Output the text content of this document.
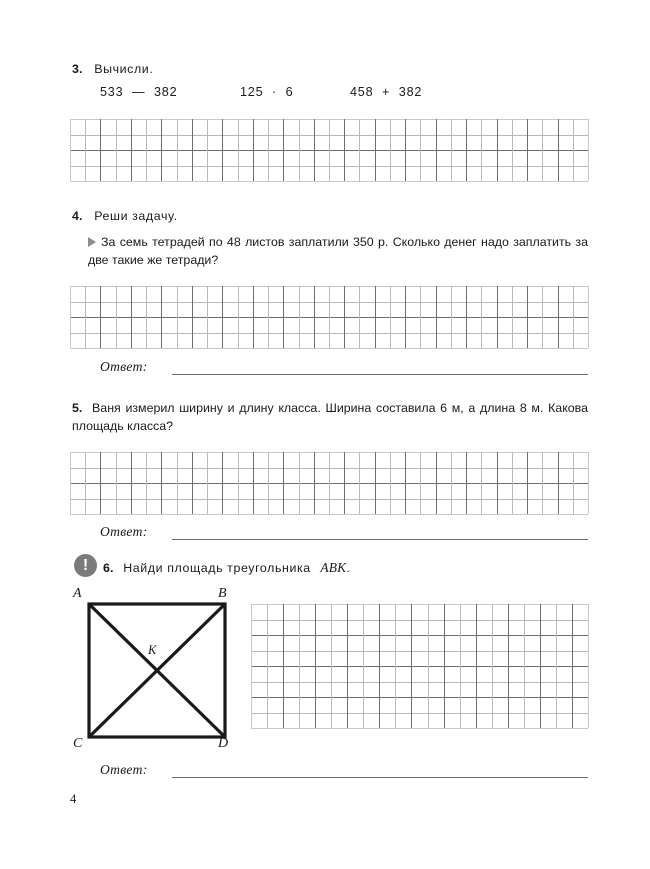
3. Вычисли.
533  —  382	125  ·  6	458  +  382
4. Реши задачу.
За семь тетрадей по 48 листов заплатили 350 р. Сколько денег надо заплатить за две такие же тетради?
Ответ:
5. Ваня измерил ширину и длину класса. Ширина составила 6 м, а длина 8 м. Какова площадь класса?
Ответ:
!	6. Найди площадь треугольника ABK.
A	B
C	D
K
Ответ:
4
